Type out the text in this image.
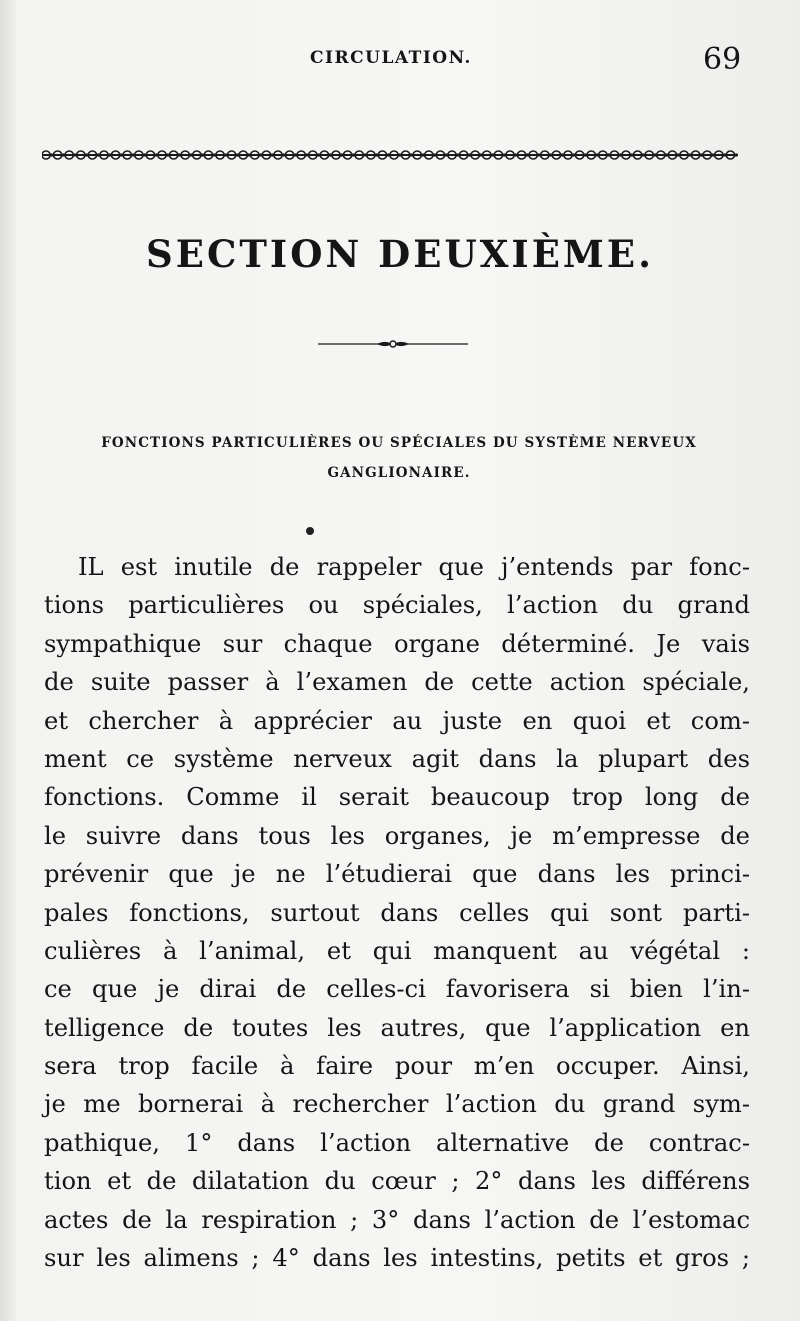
CIRCULATION.	69
SECTION DEUXIÈME.
FONCTIONS PARTICULIÈRES OU SPÉCIALES DU SYSTÈME NERVEUX
GANGLIONAIRE.
IL est inutile de rappeler que j’entends par fonc-
tions particulières ou spéciales, l’action du grand
sympathique sur chaque organe déterminé. Je vais
de suite passer à l’examen de cette action spéciale,
et chercher à apprécier au juste en quoi et com-
ment ce système nerveux agit dans la plupart des
fonctions. Comme il serait beaucoup trop long de
le suivre dans tous les organes, je m’empresse de
prévenir que je ne l’étudierai que dans les princi-
pales fonctions, surtout dans celles qui sont parti-
culières à l’animal, et qui manquent au végétal :
ce que je dirai de celles-ci favorisera si bien l’in-
telligence de toutes les autres, que l’application en
sera trop facile à faire pour m’en occuper. Ainsi,
je me bornerai à rechercher l’action du grand sym-
pathique, 1° dans l’action alternative de contrac-
tion et de dilatation du cœur ; 2° dans les différens
actes de la respiration ; 3° dans l’action de l’estomac
sur les alimens ; 4° dans les intestins, petits et gros ;
